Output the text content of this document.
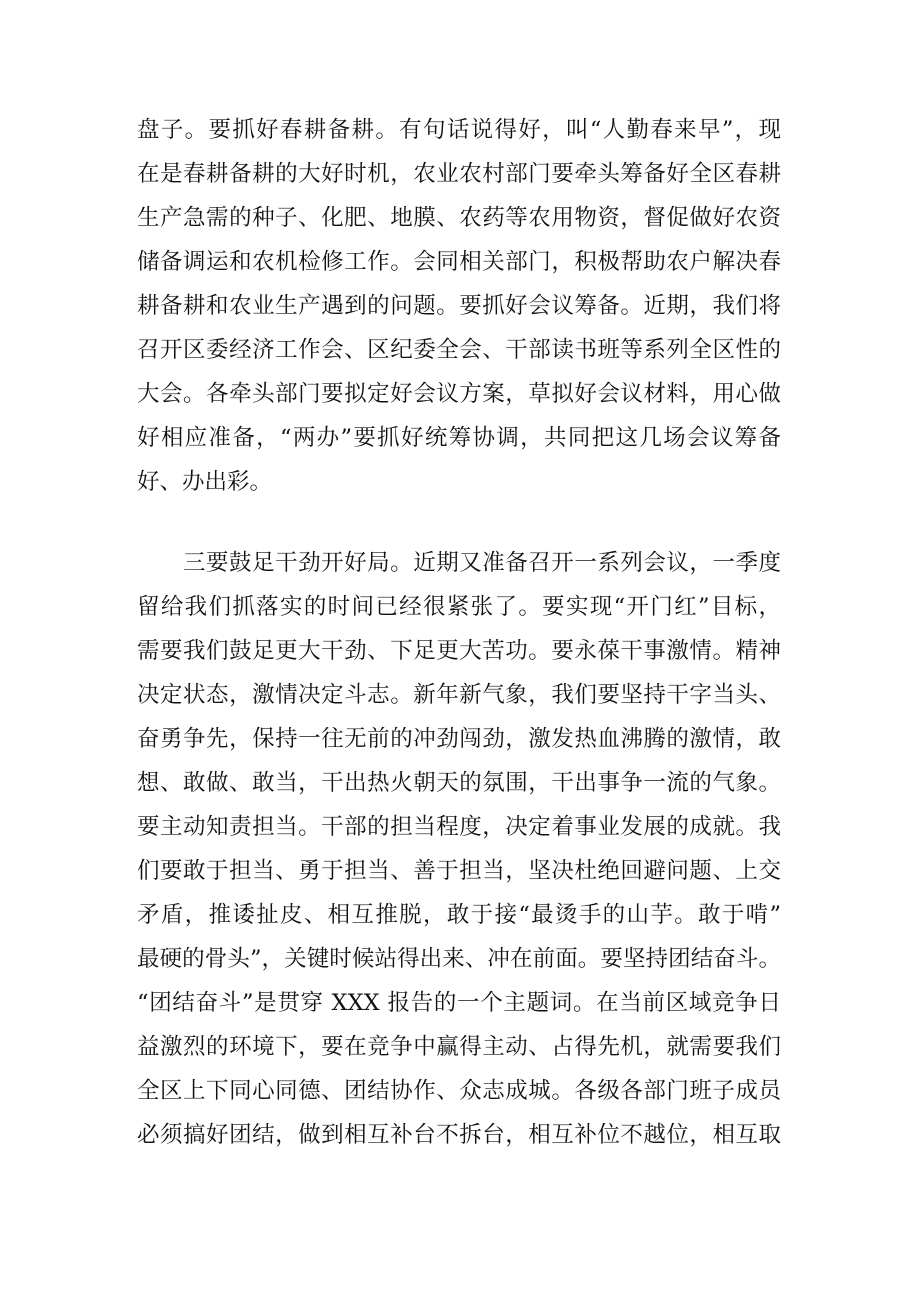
盘子。要抓好春耕备耕。有句话说得好，叫“人勤春来早”，现
在是春耕备耕的大好时机，农业农村部门要牵头筹备好全区春耕
生产急需的种子、化肥、地膜、农药等农用物资，督促做好农资
储备调运和农机检修工作。会同相关部门，积极帮助农户解决春
耕备耕和农业生产遇到的问题。要抓好会议筹备。近期，我们将
召开区委经济工作会、区纪委全会、干部读书班等系列全区性的
大会。各牵头部门要拟定好会议方案，草拟好会议材料，用心做
好相应准备，“两办”要抓好统筹协调，共同把这几场会议筹备
好、办出彩。
三要鼓足干劲开好局。近期又准备召开一系列会议，一季度
留给我们抓落实的时间已经很紧张了。要实现“开门红”目标，
需要我们鼓足更大干劲、下足更大苦功。要永葆干事激情。精神
决定状态，激情决定斗志。新年新气象，我们要坚持干字当头、
奋勇争先，保持一往无前的冲劲闯劲，激发热血沸腾的激情，敢
想、敢做、敢当，干出热火朝天的氛围，干出事争一流的气象。
要主动知责担当。干部的担当程度，决定着事业发展的成就。我
们要敢于担当、勇于担当、善于担当，坚决杜绝回避问题、上交
矛盾，推诿扯皮、相互推脱，敢于接“最烫手的山芋。敢于啃”
最硬的骨头”，关键时候站得出来、冲在前面。要坚持团结奋斗。
“团结奋斗”是贯穿 XXX 报告的一个主题词。在当前区域竞争日
益激烈的环境下，要在竞争中赢得主动、占得先机，就需要我们
全区上下同心同德、团结协作、众志成城。各级各部门班子成员
必须搞好团结，做到相互补台不拆台，相互补位不越位，相互取
